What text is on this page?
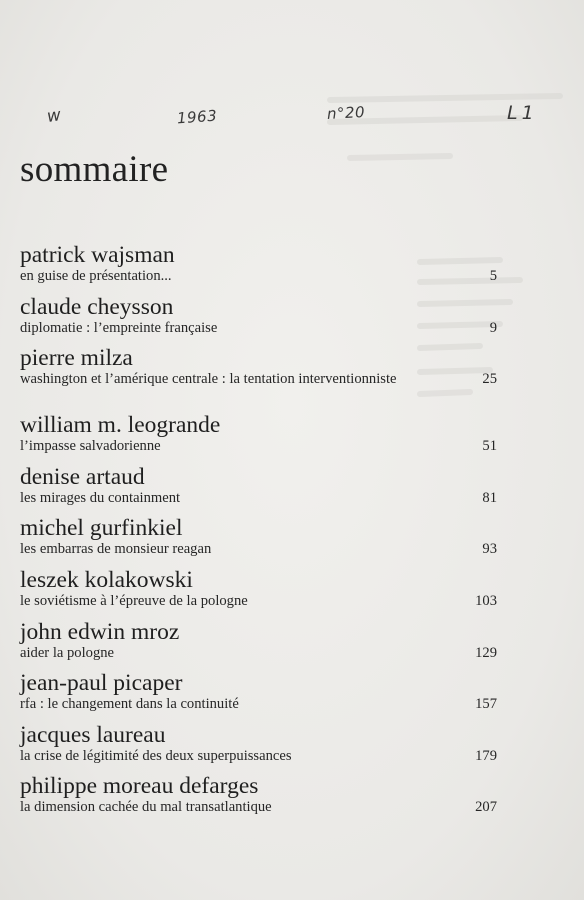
w	1963	n°20	L1
sommaire
patrick wajsman
en guise de présentation...	5
claude cheysson
diplomatie : l’empreinte française	9
pierre milza
washington et l’amérique centrale : la tentation interventionniste	25
william m. leogrande
l’impasse salvadorienne	51
denise artaud
les mirages du containment	81
michel gurfinkiel
les embarras de monsieur reagan	93
leszek kolakowski
le soviétisme à l’épreuve de la pologne	103
john edwin mroz
aider la pologne	129
jean-paul picaper
rfa : le changement dans la continuité	157
jacques laureau
la crise de légitimité des deux superpuissances	179
philippe moreau defarges
la dimension cachée du mal transatlantique	207
